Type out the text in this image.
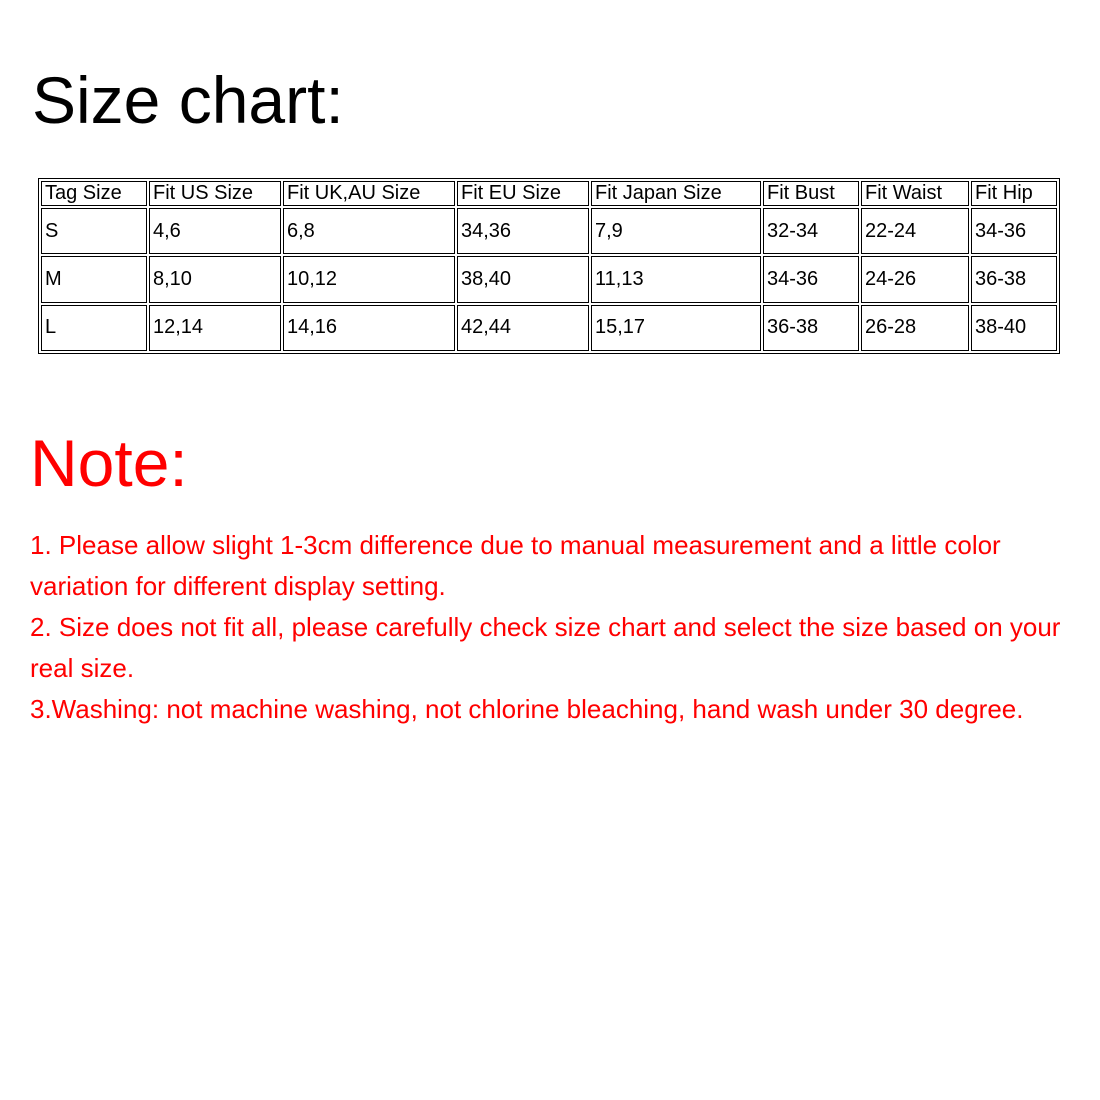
Size chart:
Tag Size	Fit US Size	Fit UK,AU Size	Fit EU Size	Fit Japan Size	Fit Bust	Fit Waist	Fit Hip
S	4,6	6,8	34,36	7,9	32-34	22-24	34-36
M	8,10	10,12	38,40	11,13	34-36	24-26	36-38
L	12,14	14,16	42,44	15,17	36-38	26-28	38-40
Note:
1. Please allow slight 1-3cm difference due to manual measurement and a little color variation for different display setting.
2. Size does not fit all, please carefully check size chart and select the size based on your real size.
3.Washing: not machine washing, not chlorine bleaching, hand wash under 30 degree.
